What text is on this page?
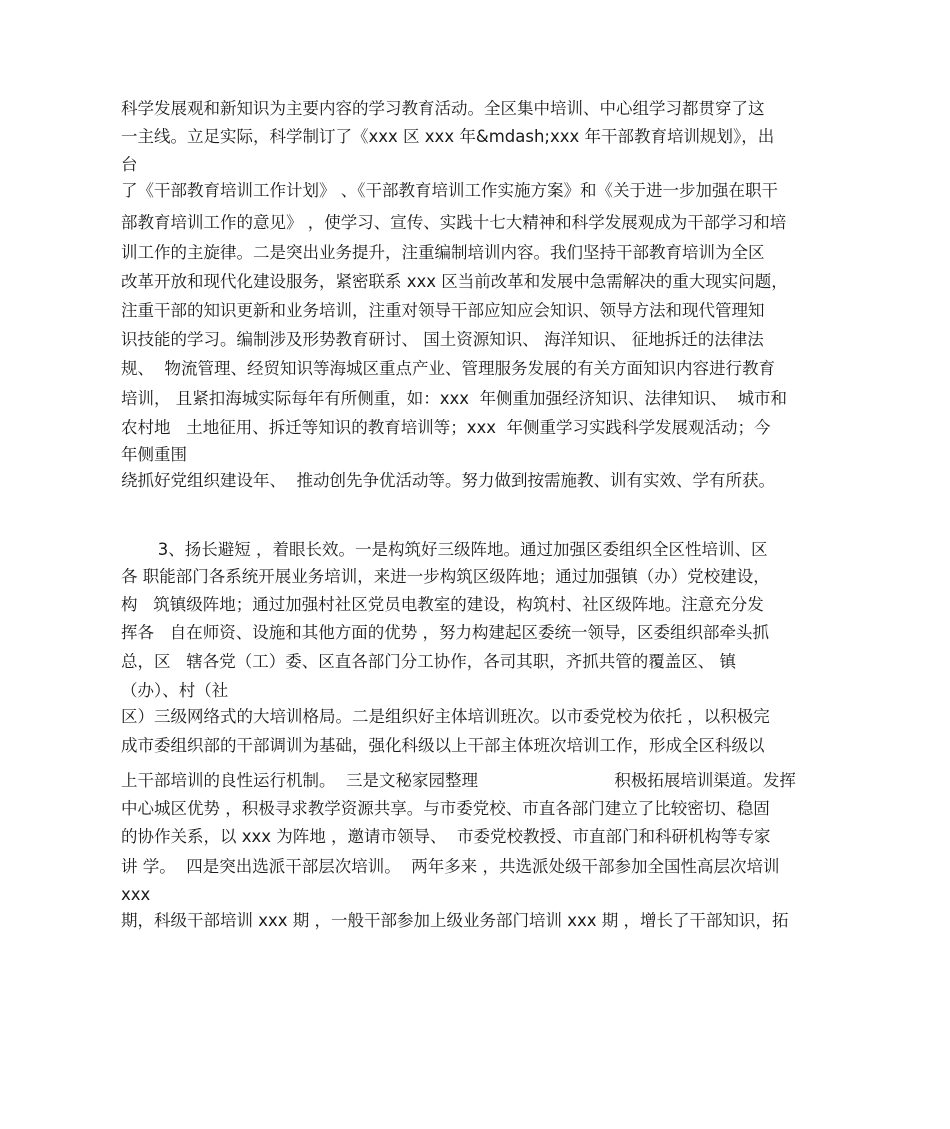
科学发展观和新知识为主要内容的学习教育活动。全区集中培训、中心组学习都贯穿了这
一主线。立足实际，科学制订了《xxx 区 xxx 年&mdash;xxx 年干部教育培训规划》，出
台
了《干部教育培训工作计划》 、《干部教育培训工作实施方案》和《关于进一步加强在职干
部教育培训工作的意见》 ，使学习、宣传、实践十七大精神和科学发展观成为干部学习和培
训工作的主旋律。二是突出业务提升，注重编制培训内容。我们坚持干部教育培训为全区
改革开放和现代化建设服务，紧密联系 xxx 区当前改革和发展中急需解决的重大现实问题，
注重干部的知识更新和业务培训，注重对领导干部应知应会知识、领导方法和现代管理知
识技能的学习。编制涉及形势教育研讨、 国土资源知识、 海洋知识、 征地拆迁的法律法
规、  物流管理、经贸知识等海城区重点产业、管理服务发展的有关方面知识内容进行教育
培训， 且紧扣海城实际每年有所侧重，如：xxx  年侧重加强经济知识、法律知识、  城市和
农村地   土地征用、拆迁等知识的教育培训等；xxx  年侧重学习实践科学发展观活动；今
年侧重围
绕抓好党组织建设年、  推动创先争优活动等。努力做到按需施教、训有实效、学有所获。
3、扬长避短 ，着眼长效。一是构筑好三级阵地。通过加强区委组织全区性培训、区
各 职能部门各系统开展业务培训，来进一步构筑区级阵地；通过加强镇（办）党校建设，
构   筑镇级阵地；通过加强村社区党员电教室的建设，构筑村、社区级阵地。注意充分发
挥各   自在师资、设施和其他方面的优势 ，努力构建起区委统一领导，区委组织部牵头抓
总，区   辖各党（工）委、区直各部门分工协作，各司其职，齐抓共管的覆盖区、 镇
（办）、村（社
区）三级网络式的大培训格局。二是组织好主体培训班次。以市委党校为依托 ，以积极完
成市委组织部的干部调训为基础，强化科级以上干部主体班次培训工作，形成全区科级以
上干部培训的良性运行机制。  三是文秘家园整理                          积极拓展培训渠道。发挥
中心城区优势 ，积极寻求教学资源共享。与市委党校、市直各部门建立了比较密切、稳固
的协作关系，以 xxx 为阵地 ，邀请市领导、  市委党校教授、市直部门和科研机构等专家
讲 学。  四是突出选派干部层次培训。  两年多来 ，共选派处级干部参加全国性高层次培训
xxx
期，科级干部培训 xxx 期 ，一般干部参加上级业务部门培训 xxx 期 ，增长了干部知识，拓
